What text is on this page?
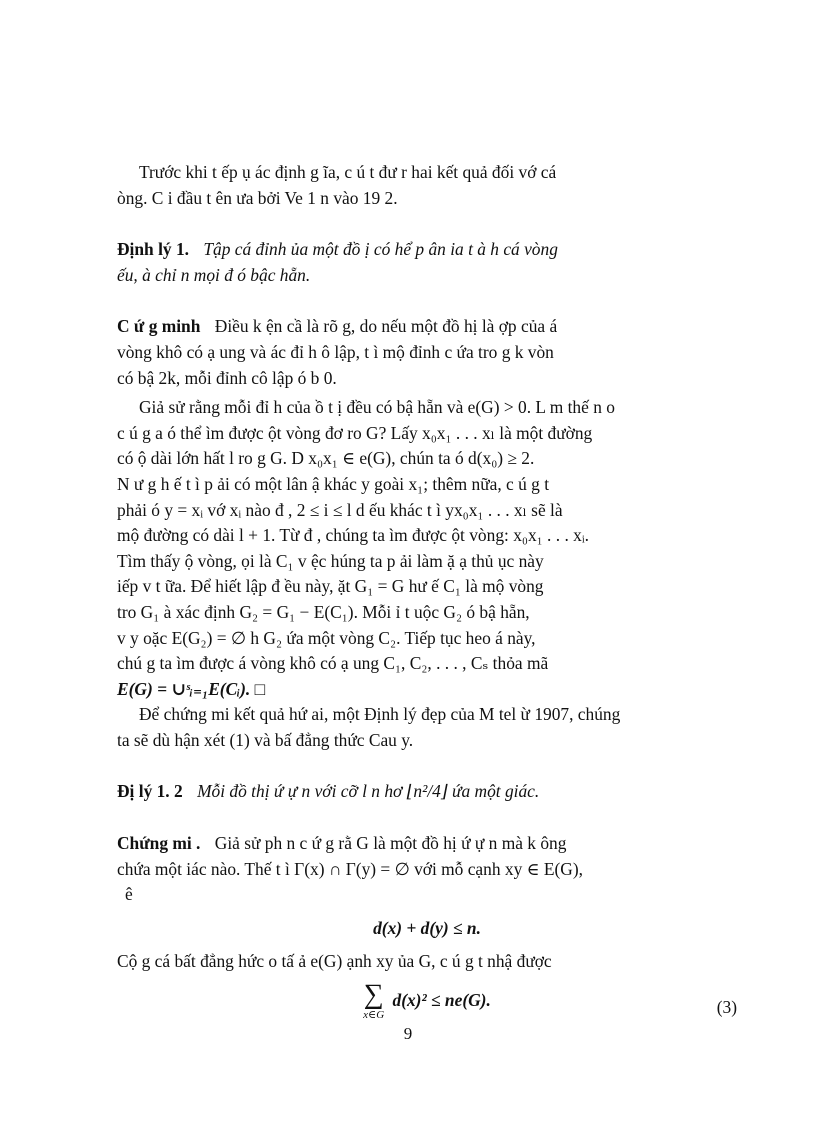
Trước khi t ếp ụ ác định g ĩa, c ú t đư r hai kết quả đối vớ cá
òng. C i đầu t ên ưa bởi Ve 1 n vào 19 2.

Định lý 1. Tập cá đỉnh ủa một đồ ị có hể p ân ia t à h cá vòng
ếu, à chỉ n mọi đ ó bậc hẵn.

C ứ g minh Điều k ện cầ là rõ g, do nếu một đồ hị là ợp của á
vòng khô có ạ ung và ác đỉ h ô lập, t ì mộ đỉnh c ứa tro g k vòn
có bậ 2k, mỗi đỉnh cô lập ó b 0.

Giả sử rằng mỗi đỉ h của ồ t ị đều có bậ hẵn và e(G) > 0. L m thế n o
c ú g a ó thể ìm được ột vòng đơ ro G? Lấy x₀x₁ . . . xₗ là một đường
có ộ dài lớn hất l ro g G. D x₀x₁ ∈ e(G), chún ta ó d(x₀) ≥ 2.
N ư g h ế t ì p ải có một lân ậ khác y goài x₁; thêm nữa, c ú g t
phải ó y = xᵢ vớ xᵢ nào đ , 2 ≤ i ≤ l d ếu khác t ì yx₀x₁ . . . xₗ sẽ là
mộ đường có dài l + 1. Từ đ , chúng ta ìm được ột vòng: x₀x₁ . . . xᵢ.
Tìm thấy ộ vòng, ọi là C₁ v ệc húng ta p ải làm ặ ạ thủ ục này
iếp v t ữa. Để hiết lập đ ều này, ặt G₁ = G hư ế C₁ là mộ vòng
tro G₁ à xác định G₂ = G₁ − E(C₁). Mỗi ỉ t uộc G₂ ó bậ hẵn,
v y oặc E(G₂) = ∅ h G₂ ứa một vòng C₂. Tiếp tục heo á này,
chú g ta ìm được á vòng khô có ạ ung C₁, C₂, . . . , Cₛ thỏa mã
E(G) = ∪ˢᵢ₌₁E(Cᵢ). □

Để chứng mi kết quả hứ ai, một Định lý đẹp của M tel ừ 1907, chúng
ta sẽ dù hận xét (1) và bấ đẳng thức Cau y.

Đị lý 1. 2 Mỗi đồ thị ứ ự n với cỡ l n hơ ⌊n²/4⌋ ứa một giác.

Chứng mi . Giả sử ph n c ứ g rằ G là một đồ hị ứ ự n mà k ông
chứa một iác nào. Thế t ì Γ(x) ∩ Γ(y) = ∅ với mỗ cạnh xy ∈ E(G),
ê

d(x) + d(y) ≤ n.

Cộ g cá bất đẳng hức o tấ ả e(G) ạnh xy ủa G, c ú g t nhậ được

∑
x∈G
d(x)² ≤ ne(G).	(3)
9
